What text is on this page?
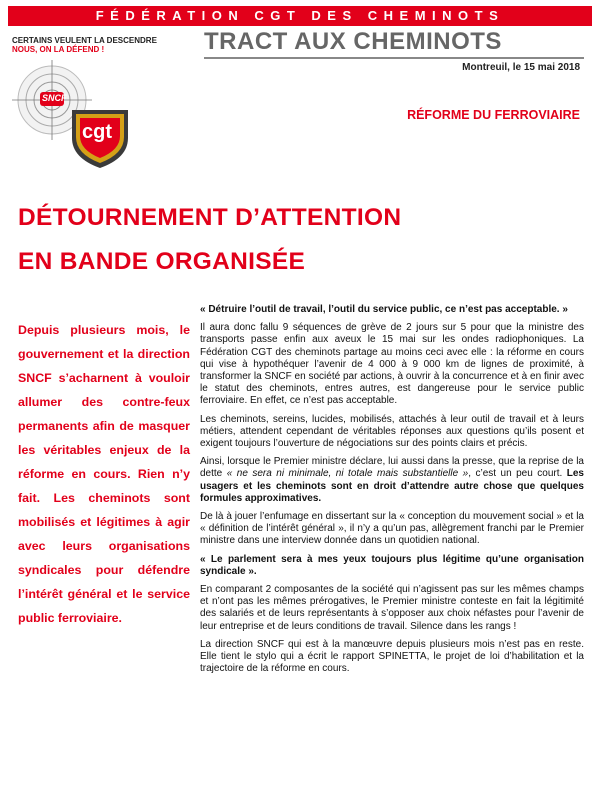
FÉDÉRATION CGT DES CHEMINOTS
SNCF
cgt
CERTAINS VEULENT LA DESCENDRE
NOUS, ON LA DÉFEND !	TRACT AUX CHEMINOTS
Montreuil, le 15 mai 2018
RÉFORME DU FERROVIAIRE
DÉTOURNEMENT D’ATTENTION
EN BANDE ORGANISÉE
Depuis plusieurs mois, le gouvernement et la direction SNCF s’acharnent à vouloir allumer des contre-feux permanents afin de masquer les véritables enjeux de la réforme en cours. Rien n’y fait. Les cheminots sont mobilisés et légitimes à agir avec leurs organisations syndicales pour défendre l’intérêt général et le service public ferroviaire.

« Détruire l’outil de travail, l’outil du service public, ce n’est pas acceptable. »

Il aura donc fallu 9 séquences de grève de 2 jours sur 5 pour que la ministre des transports passe enfin aux aveux le 15 mai sur les ondes radiophoniques. La Fédération CGT des cheminots partage au moins ceci avec elle : la réforme en cours qui vise à hypothéquer l’avenir de 4 000 à 9 000 km de lignes de proximité, à transformer la SNCF en société par actions, à ouvrir à la concurrence et à en finir avec le statut des cheminots, entres autres, est dangereuse pour le service public ferroviaire. En effet, ce n’est pas acceptable.

Les cheminots, sereins, lucides, mobilisés, attachés à leur outil de travail et à leurs métiers, attendent cependant de véritables réponses aux questions qu’ils posent et exigent toujours l’ouverture de négociations sur des points clairs et précis.

Ainsi, lorsque le Premier ministre déclare, lui aussi dans la presse, que la reprise de la dette « ne sera ni minimale, ni totale mais substantielle », c’est un peu court. Les usagers et les cheminots sont en droit d’attendre autre chose que quelques formules approximatives.

De là à jouer l’enfumage en dissertant sur la « conception du mouvement social » et la « définition de l’intérêt général », il n’y a qu’un pas, allègrement franchi par le Premier ministre dans une interview donnée dans un quotidien national.

« Le parlement sera à mes yeux toujours plus légitime qu’une organisation syndicale ».

En comparant 2 composantes de la société qui n’agissent pas sur les mêmes champs et n’ont pas les mêmes prérogatives, le Premier ministre conteste en fait la légitimité des salariés et de leurs représentants à s’opposer aux choix néfastes pour l’avenir de leur entreprise et de leurs conditions de travail. Silence dans les rangs !

La direction SNCF qui est à la manœuvre depuis plusieurs mois n’est pas en reste. Elle tient le stylo qui a écrit le rapport SPINETTA, le projet de loi d’habilitation et la trajectoire de la réforme en cours.
